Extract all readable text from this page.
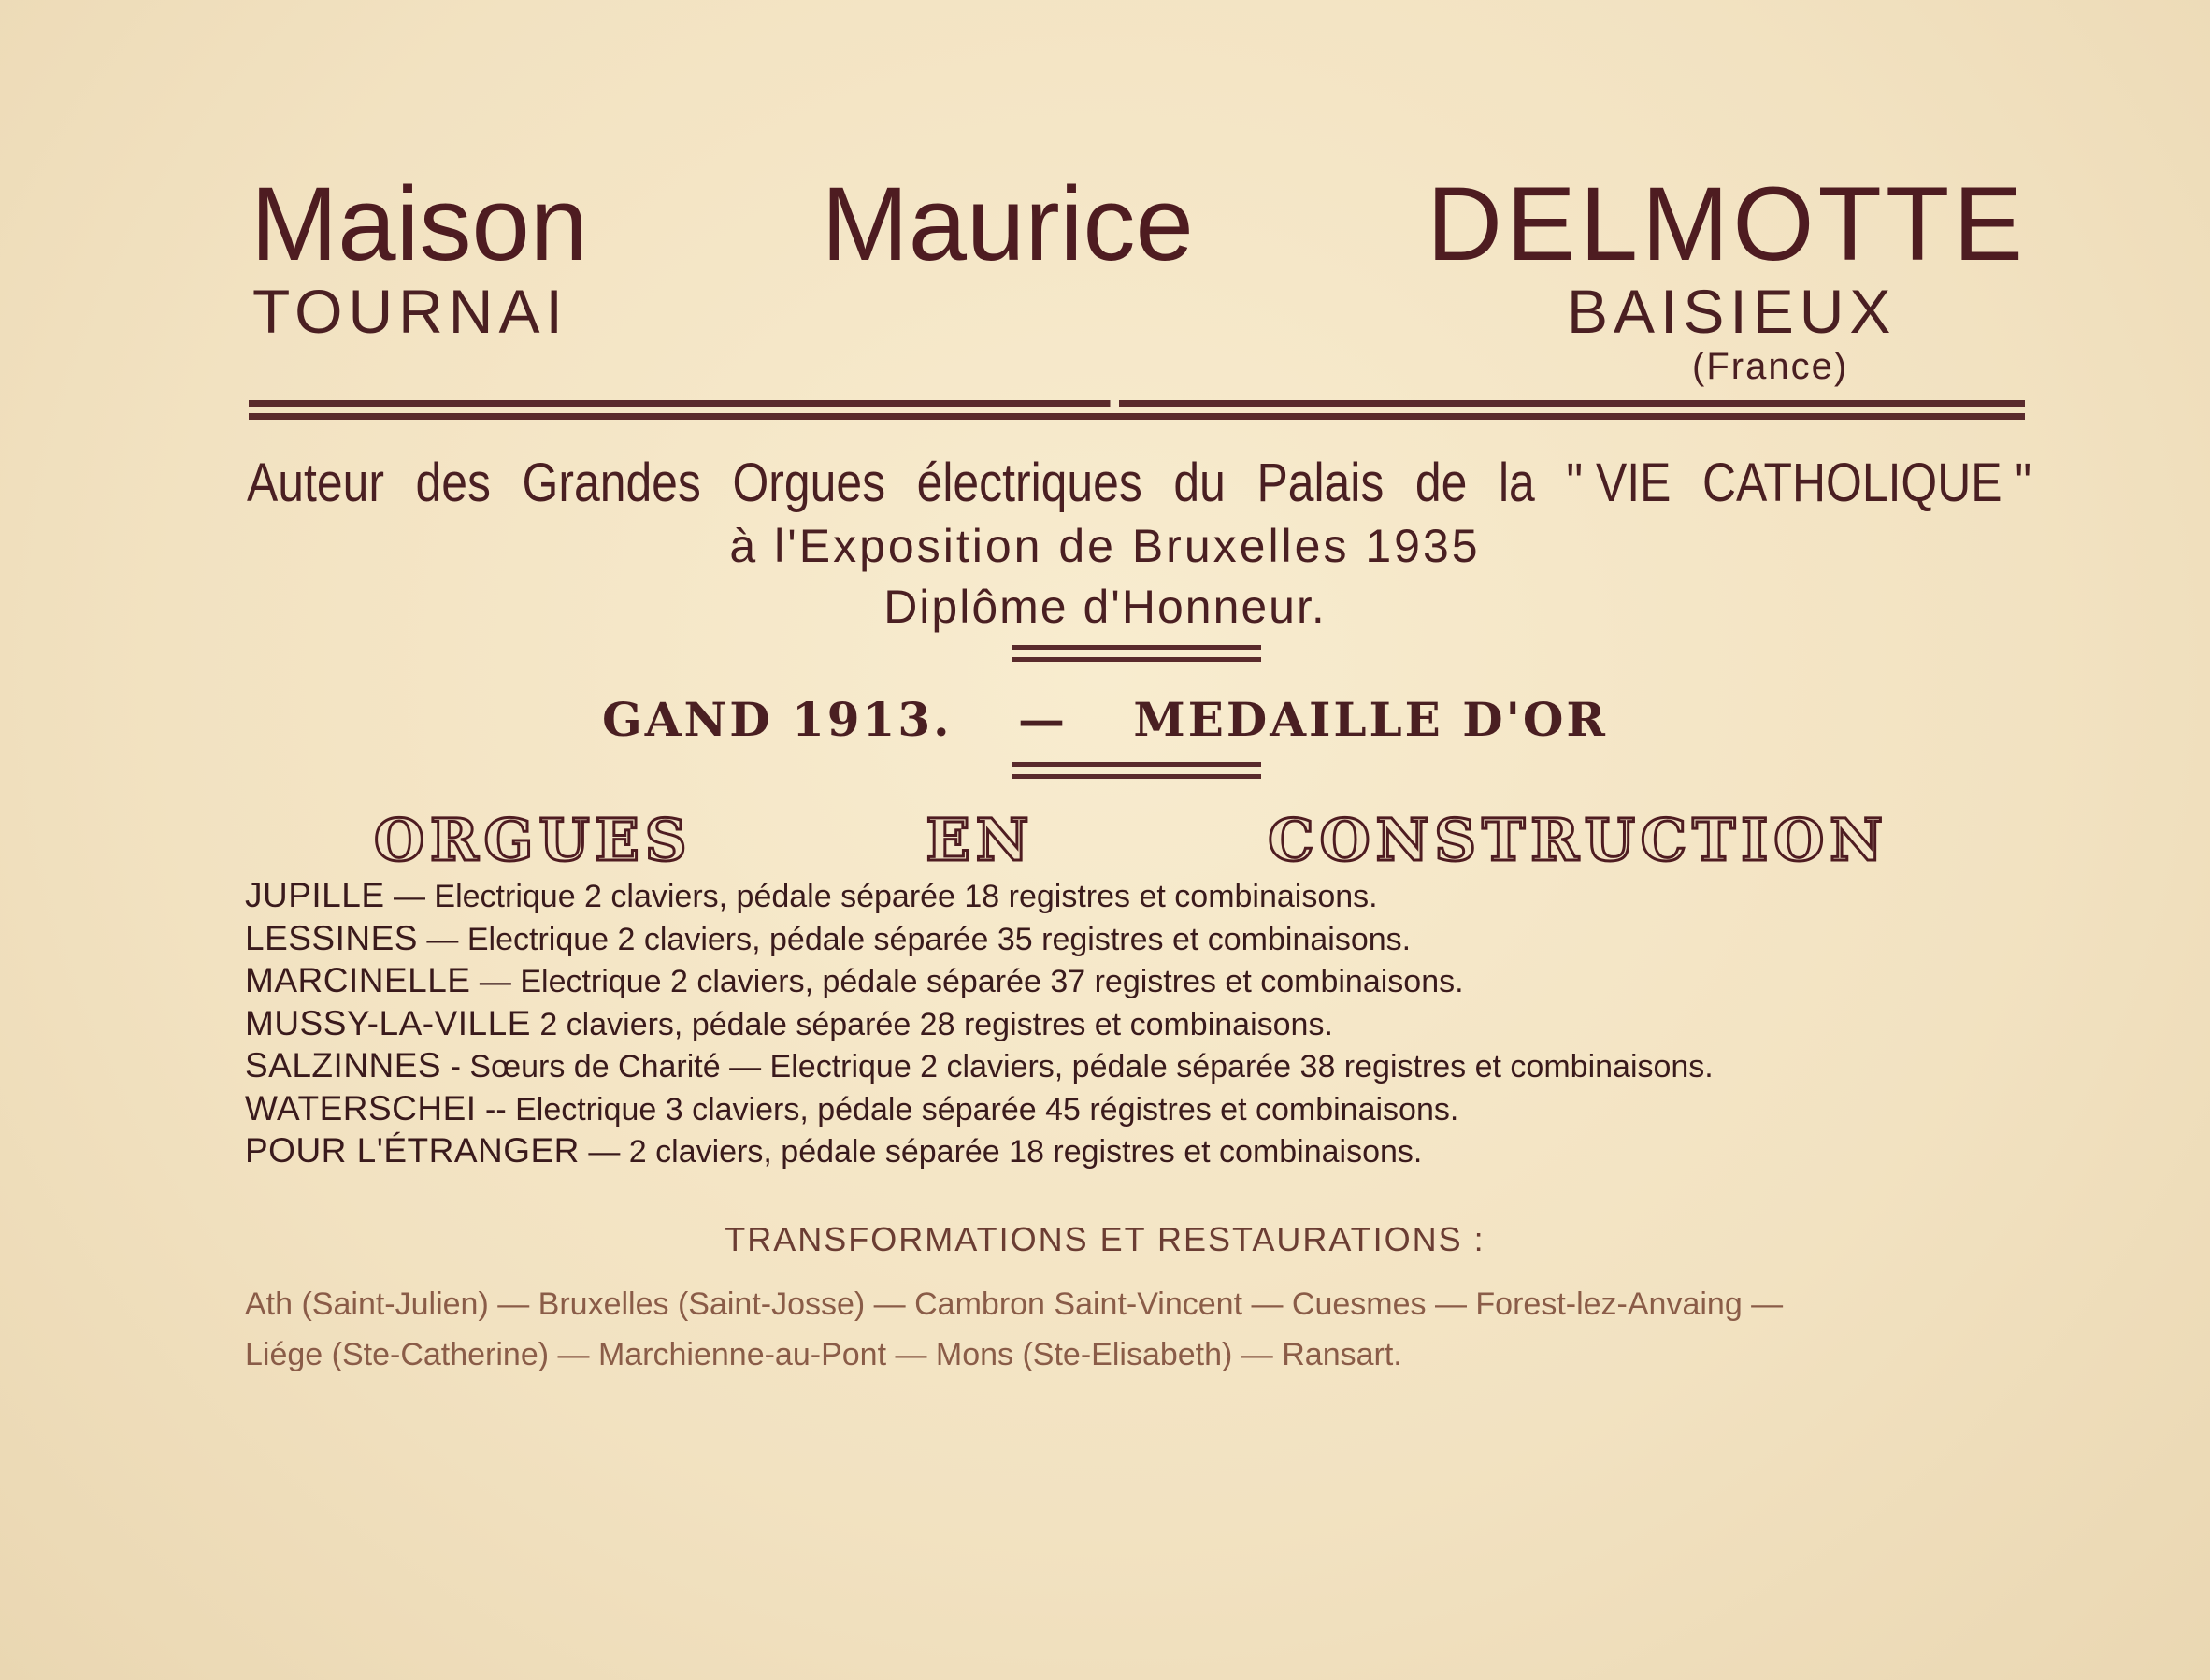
Maison Maurice DELMOTTE
TOURNAI	BAISIEUX
(France)
Auteur des Grandes Orgues électriques du Palais de la " VIE CATHOLIQUE "
à l'Exposition de Bruxelles 1935
Diplôme d'Honneur.
GAND 1913. — MEDAILLE D'OR
ORGUES	EN	CONSTRUCTION
JUPILLE — Electrique 2 claviers, pédale séparée 18 registres et combinaisons.
LESSINES — Electrique 2 claviers, pédale séparée 35 registres et combinaisons.
MARCINELLE — Electrique 2 claviers, pédale séparée 37 registres et combinaisons.
MUSSY-LA-VILLE 2 claviers, pédale séparée 28 registres et combinaisons.
SALZINNES - Sœurs de Charité — Electrique 2 claviers, pédale séparée 38 registres et combinaisons.
WATERSCHEI -- Electrique 3 claviers, pédale séparée 45 régistres et combinaisons.
POUR L'ÉTRANGER — 2 claviers, pédale séparée 18 registres et combinaisons.
TRANSFORMATIONS ET RESTAURATIONS :
Ath (Saint-Julien) — Bruxelles (Saint-Josse) — Cambron Saint-Vincent — Cuesmes — Forest-lez-Anvaing —
Liége (Ste-Catherine) — Marchienne-au-Pont — Mons (Ste-Elisabeth) — Ransart.
